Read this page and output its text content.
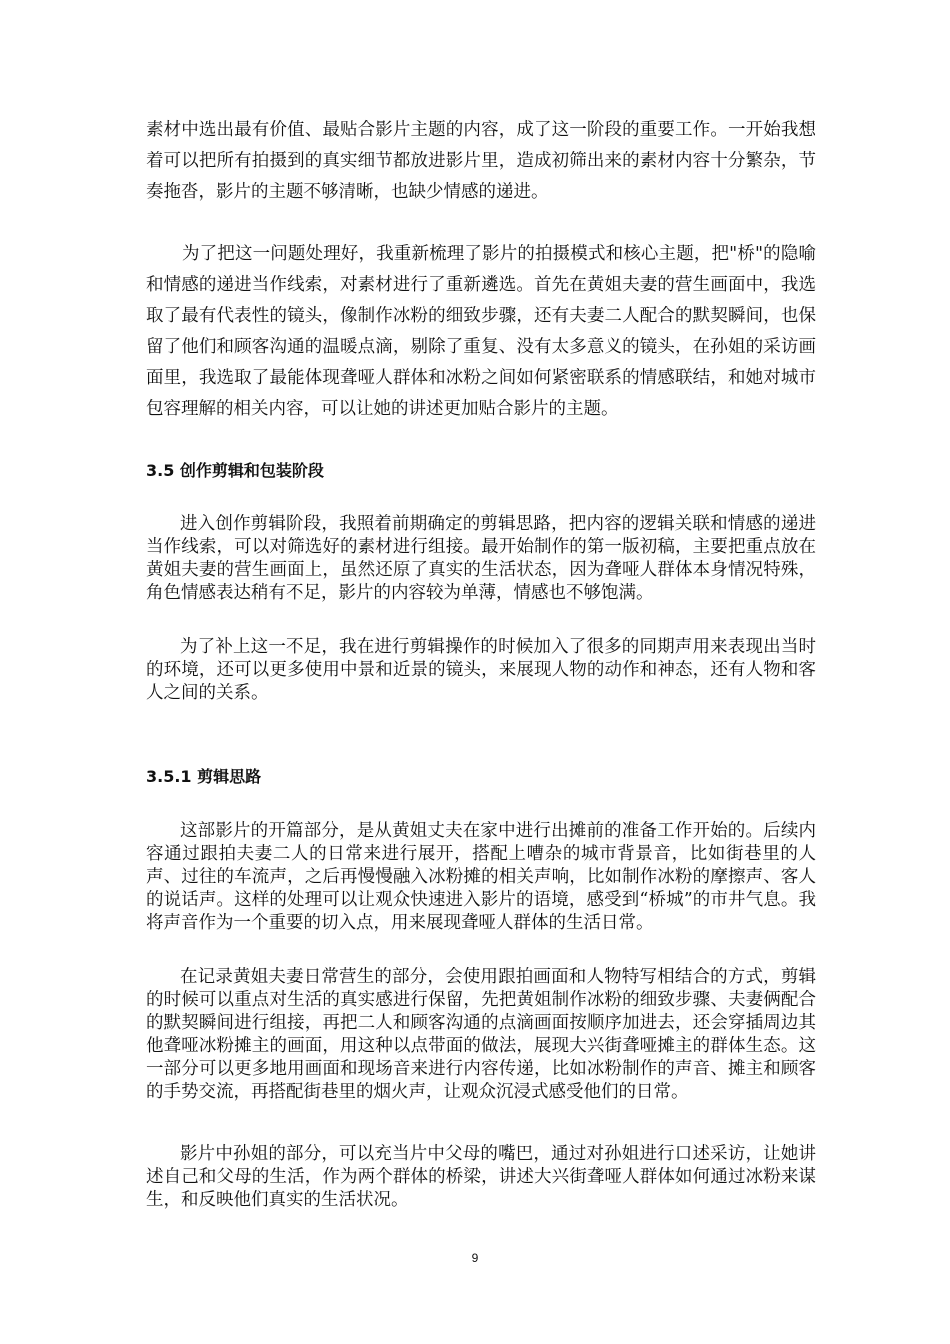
素材中选出最有价值、最贴合影片主题的内容，成了这一阶段的重要工作。一开始我想着可以把所有拍摄到的真实细节都放进影片里，造成初筛出来的素材内容十分繁杂，节奏拖沓，影片的主题不够清晰，也缺少情感的递进。

为了把这一问题处理好，我重新梳理了影片的拍摄模式和核心主题，把"桥"的隐喻和情感的递进当作线索，对素材进行了重新遴选。首先在黄姐夫妻的营生画面中，我选取了最有代表性的镜头，像制作冰粉的细致步骤，还有夫妻二人配合的默契瞬间，也保留了他们和顾客沟通的温暖点滴，剔除了重复、没有太多意义的镜头，在孙姐的采访画面里，我选取了最能体现聋哑人群体和冰粉之间如何紧密联系的情感联结，和她对城市包容理解的相关内容，可以让她的讲述更加贴合影片的主题。

3.5 创作剪辑和包装阶段

进入创作剪辑阶段，我照着前期确定的剪辑思路，把内容的逻辑关联和情感的递进当作线索，可以对筛选好的素材进行组接。最开始制作的第一版初稿，主要把重点放在黄姐夫妻的营生画面上，虽然还原了真实的生活状态，因为聋哑人群体本身情况特殊，角色情感表达稍有不足，影片的内容较为单薄，情感也不够饱满。

为了补上这一不足，我在进行剪辑操作的时候加入了很多的同期声用来表现出当时的环境，还可以更多使用中景和近景的镜头，来展现人物的动作和神态，还有人物和客人之间的关系。

3.5.1 剪辑思路

这部影片的开篇部分，是从黄姐丈夫在家中进行出摊前的准备工作开始的。后续内容通过跟拍夫妻二人的日常来进行展开，搭配上嘈杂的城市背景音，比如街巷里的人声、过往的车流声，之后再慢慢融入冰粉摊的相关声响，比如制作冰粉的摩擦声、客人的说话声。这样的处理可以让观众快速进入影片的语境，感受到“桥城”的市井气息。我将声音作为一个重要的切入点，用来展现聋哑人群体的生活日常。

在记录黄姐夫妻日常营生的部分，会使用跟拍画面和人物特写相结合的方式，剪辑的时候可以重点对生活的真实感进行保留，先把黄姐制作冰粉的细致步骤、夫妻俩配合的默契瞬间进行组接，再把二人和顾客沟通的点滴画面按顺序加进去，还会穿插周边其他聋哑冰粉摊主的画面，用这种以点带面的做法，展现大兴街聋哑摊主的群体生态。这一部分可以更多地用画面和现场音来进行内容传递，比如冰粉制作的声音、摊主和顾客的手势交流，再搭配街巷里的烟火声，让观众沉浸式感受他们的日常。

影片中孙姐的部分，可以充当片中父母的嘴巴，通过对孙姐进行口述采访，让她讲述自己和父母的生活，作为两个群体的桥梁，讲述大兴街聋哑人群体如何通过冰粉来谋生，和反映他们真实的生活状况。

9
